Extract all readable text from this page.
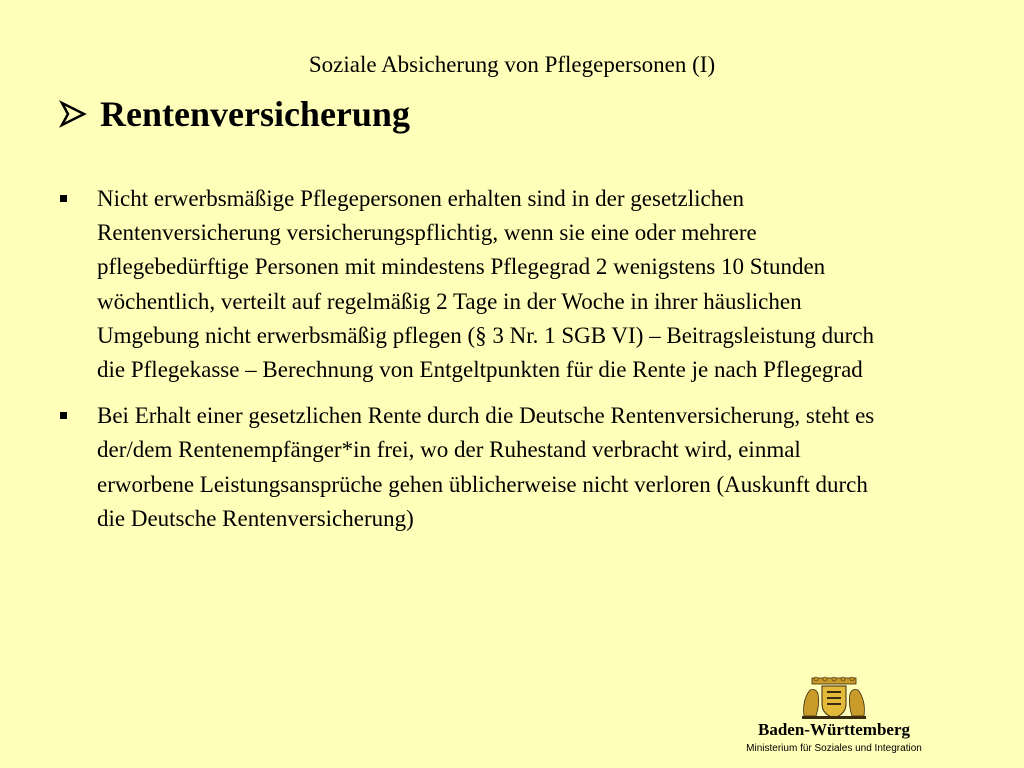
Soziale Absicherung von Pflegepersonen (I)
Rentenversicherung
Nicht erwerbsmäßige Pflegepersonen erhalten sind in der gesetzlichen Rentenversicherung versicherungspflichtig, wenn sie eine oder mehrere pflegebedürftige Personen mit mindestens Pflegegrad 2 wenigstens 10 Stunden wöchentlich, verteilt auf regelmäßig 2 Tage in der Woche in ihrer häuslichen Umgebung nicht erwerbsmäßig pflegen (§ 3 Nr. 1 SGB VI) – Beitragsleistung durch die Pflegekasse – Berechnung von Entgeltpunkten für die Rente je nach Pflegegrad
Bei Erhalt einer gesetzlichen Rente durch die Deutsche Rentenversicherung, steht es der/dem Rentenempfänger*in frei, wo der Ruhestand verbracht wird, einmal erworbene Leistungsansprüche gehen üblicherweise nicht verloren (Auskunft durch die Deutsche Rentenversicherung)
Baden-Württemberg
Ministerium für Soziales und Integration
